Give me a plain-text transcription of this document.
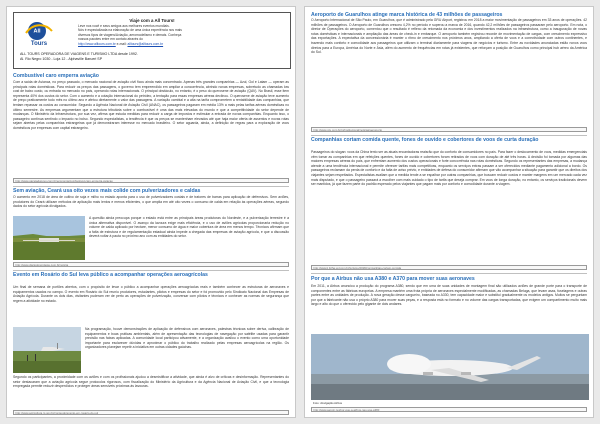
All
Tours
Viaje com a All Tours!
Leve nos você e seus amigos aos melhores eventos mundiais.
Nós é especializada na elaboração de uma única experiência nos mais
diversos tipos de viagens/Aviação, aeromodelismo e demais. Conheça
nossos pacotes entre em contato através do
http://www.alltours.com.br e-mail: alltours@alltours.com.br
ALL TOURS OPERADORA DE VIAGENS E TURISMO LTDA desde 1992.
Al. Rio Negro 1030 - Loja 12 - Alphaville Barueri SP
Combustível caro emperra aviação

Com a saída de Avianca, no preço passado, o mercado nacional de aviação civil ficou ainda mais concentrado. Apenas três grandes companhias — Azul, Gol e Latam — operam as principais rotas domésticas. Para reduzir os preços das passagens, o governo tem empreendido em ampliar a concorrência, abrindo novas empresas, sobretudo as chamadas low cost de baixo custo, ou entrada no mercado no país, operando rotas internacionais. O principal obstáculo, no entanto, é o peso do querosene de aviação (QAV). No Brasil, esse item representa 40% dos custos do setor. Com o aumento e a cotação internacional do petróleo, a tentação para essas empresas aéreas declinou. O querosene de aviação teve aumento de preço praticamente todo mês no último ano e afetou diretamente o valor das passagens. A variação cambial e a alta na tarifa comprometem a rentabilidade das companhias, que tentam repassar os custos ao consumidor. Segundo a Agência Nacional de Aviação Civil (ANAC), os passageiros pagaram em média 13% a mais pelas tarifas aéreas domésticas no último semestre. As empresas argumentam que a estrutura tributária sobre o combustível é uma das mais elevadas do mundo e que a competitividade do setor depende de mudanças. O Ministério da Infraestrutura, por sua vez, afirma que estuda medidas para reduzir a carga de impostos e estimular a entrada de novas companhias. Enquanto isso, o passageiro continua sentindo o impacto no bolso. Segundo especialistas, a tendência é que os preços se mantenham elevados até que haja maior oferta de assentos e novas rotas sejam abertas pelas companhias estrangeiras que já demonstraram interesse no mercado brasileiro. O setor aguarda, ainda, a definição de regras para a exploração de voos domésticos por empresas com capital estrangeiro.

http://www.gazetadopovo.com.br/economia/combustivel-caro-emperra-aviacao
Sem aviação, Ceará usa oito vezes mais colide com pulverizadores e caldas

O aumento em 2018 de área de cultivo de soja e milho no estado aponta para o uso de pulverizadores costais e de tratores de barras para aplicação de defensivos. Sem aviões, produtores do Ceará utilizam métodos de aplicação mais lentos e menos eficientes, o que amplia em até oito vezes o consumo de calda em relação às operações aéreas, segundo dados do setor agrícola divulgados.

A questão ainda preocupa porque o estado está entre as principais áreas produtoras do Nordeste, e a pulverização terrestre é a única alternativa disponível. O avanço da lavoura exige mais eficiência, e o uso de aviões agrícolas proporcionaria redução no volume de calda aplicado por hectare, menor consumo de água e maior cobertura de área em menos tempo. Técnicos afirmam que a falta de estrutura e de regulamentação estadual ainda impede a chegada das empresas de aviação agrícola, e que a discussão deverá voltar à pauta no próximo ano com as entidades do setor.

http://www.diariodonordeste.com.br/noticia
Evento em Rosário do Sul leva público a acompanhar operações aeroagrícolas

Um final de semana de portões abertos, com o propósito de levar o público a acompanhar operações aeroagrícolas reais e também conhecer as estruturas de aeronaves e equipamentos usados no campo. O evento em Rosário do Sul reuniu produtores, estudantes, pilotos e empresas do setor e foi promovido pelo Sindicato Nacional das Empresas de Aviação Agrícola. Durante os dois dias, visitantes puderam ver de perto as operações de pulverização, conversar com pilotos e técnicos e conhecer as normas de segurança que regem a atividade no estado.

Na programação, houve demonstrações de aplicação de defensivos com aeronaves, palestras técnicas sobre deriva, calibração de equipamentos e boas práticas ambientais, além de apresentação das tecnologias de navegação por satélite usadas para garantir precisão nas faixas aplicadas. A comunidade local participou ativamente, e a organização avaliou o evento como uma oportunidade importante para esclarecer dúvidas e aproximar o público do trabalho realizado pelas empresas aeroagrícolas na região. Os organizadores planejam repetir a iniciativa em outras cidades gaúchas.

Segundo os participantes, a proximidade com os aviões e com os profissionais ajudou a desmistificar a atividade, que ainda é alvo de críticas e desinformação. Representantes do setor destacaram que a aviação agrícola segue protocolos rigorosos, com fiscalização do Ministério da Agricultura e da Agência Nacional de Aviação Civil, e que a tecnologia empregada permite reduzir desperdícios e proteger áreas sensíveis próximas às lavouras.

http://www.agricultura.rs.gov.br/conteudo/evento-em-rosario-do-sul
Aeroporto de Guarulhos atinge marca histórica de 43 milhões de passageiros

O Aeroporto Internacional de São Paulo, em Guarulhos, que é administrado pela GRU Airport, registrou em 2018 a maior movimentação de passageiros em 33 anos de operações. 42 milhões de passageiros. O Aeroporto de Guarulhos cresceu 4,2% no período e superou a marca de 2016, quando 42,2 milhões de passageiros passaram pelo aeroporto. Em nota, o diretor de Operações do aeroporto, comentou que o resultado é reflexo da retomada da economia e dos investimentos realizados na infraestrutura, como a inauguração de novas rotas domésticas e internacionais e ampliação das áreas de check-in e embarque. O aeroporto também registrou recorde de movimentação de cargas, com crescimento expressivo das exportações. A expectativa da concessionária é manter o ritmo de crescimento nos próximos anos, ampliando a oferta de voos e a conectividade com outros continentes, e trazendo mais conforto e comodidade aos passageiros que utilizam o terminal diariamente para viagens de negócios e turismo. Entre as novidades anunciadas estão novos voos diretos para a Europa, América do Norte e Ásia, além do aumento de frequências em rotas já existentes, que reforçam a posição de Guarulhos como principal hub aéreo da América do Sul.

http://www.gru.com.br/pt/institucional/noticias/aeroporto
Companhias cortam comida quente, fones de ouvido e cobertores de voos de curta duração

Passageiros do slogan: voos da China tento ser as atuais encantadoras reaisrão que do conforto de consumidores no país. Para fazer o deslocamento de voos, medidas emergenciais vêm tomar as companhias em que refeições quentes, fones de ouvido e cobertores foram retirados de voos com duração de até três horas. A decisão foi tomada por algumas das maiores empresas aéreas do país, que enfrentam aumento dos custos operacionais e forte concorrência nas rotas domésticas. Segundo os representantes das empresas, a mudança atende a uma tendência internacional e permite oferecer tarifas mais competitivas, enquanto os serviços extras passam a ser oferecidos mediante pagamento adicional a bordo. Os passageiros reclamam da perda de conforto e da falta de aviso prévio, e entidades de defesa do consumidor afirmam que vão acompanhar a situação para garantir que os direitos dos viajantes sejam respeitados. Especialistas avaliam que a medida tende a se espalhar por outras companhias, que buscam reduzir custos e manter margens em um mercado cada vez mais disputado, e que o passageiro passará a escolher com mais cuidado o tipo de tarifa que deseja comprar. Em voos de longa duração, no entanto, os serviços tradicionais devem ser mantidos, já que fazem parte do padrão esperado pelos viajantes que pagam mais por conforto e comodidade durante a viagem.

http://www1.folha.uol.com.br/turismo/2018/companhias-cortam-comida
Por que a Airbus não usa A380 e A370 para mover suas aeronaves

Em 2011, a Airbus anunciou a produção do programa A380, sendo que em uma de suas unidades de montagem final são utilizados aviões de grande porte para o transporte de componentes entre as fábricas europeias. A empresa mantém uma frota própria de aeronaves especialmente modificadas, as chamadas Beluga, que levam asas, fuselagens e outras partes entre as unidades de produção. A nova geração desse cargueiro, baseada no A330, tem capacidade maior e substitui gradualmente os modelos antigos. Muitos se perguntam por que a fabricante não usa o próprio A380 para mover suas peças, e a resposta está no formato e no volume das cargas transportadas, que exigem um compartimento muito mais largo e alto do que o oferecido pelo gigante de dois andares.

Foto: divulgação Airbus
http://www.aeroin.net/por-que-a-airbus-nao-usa-a380
